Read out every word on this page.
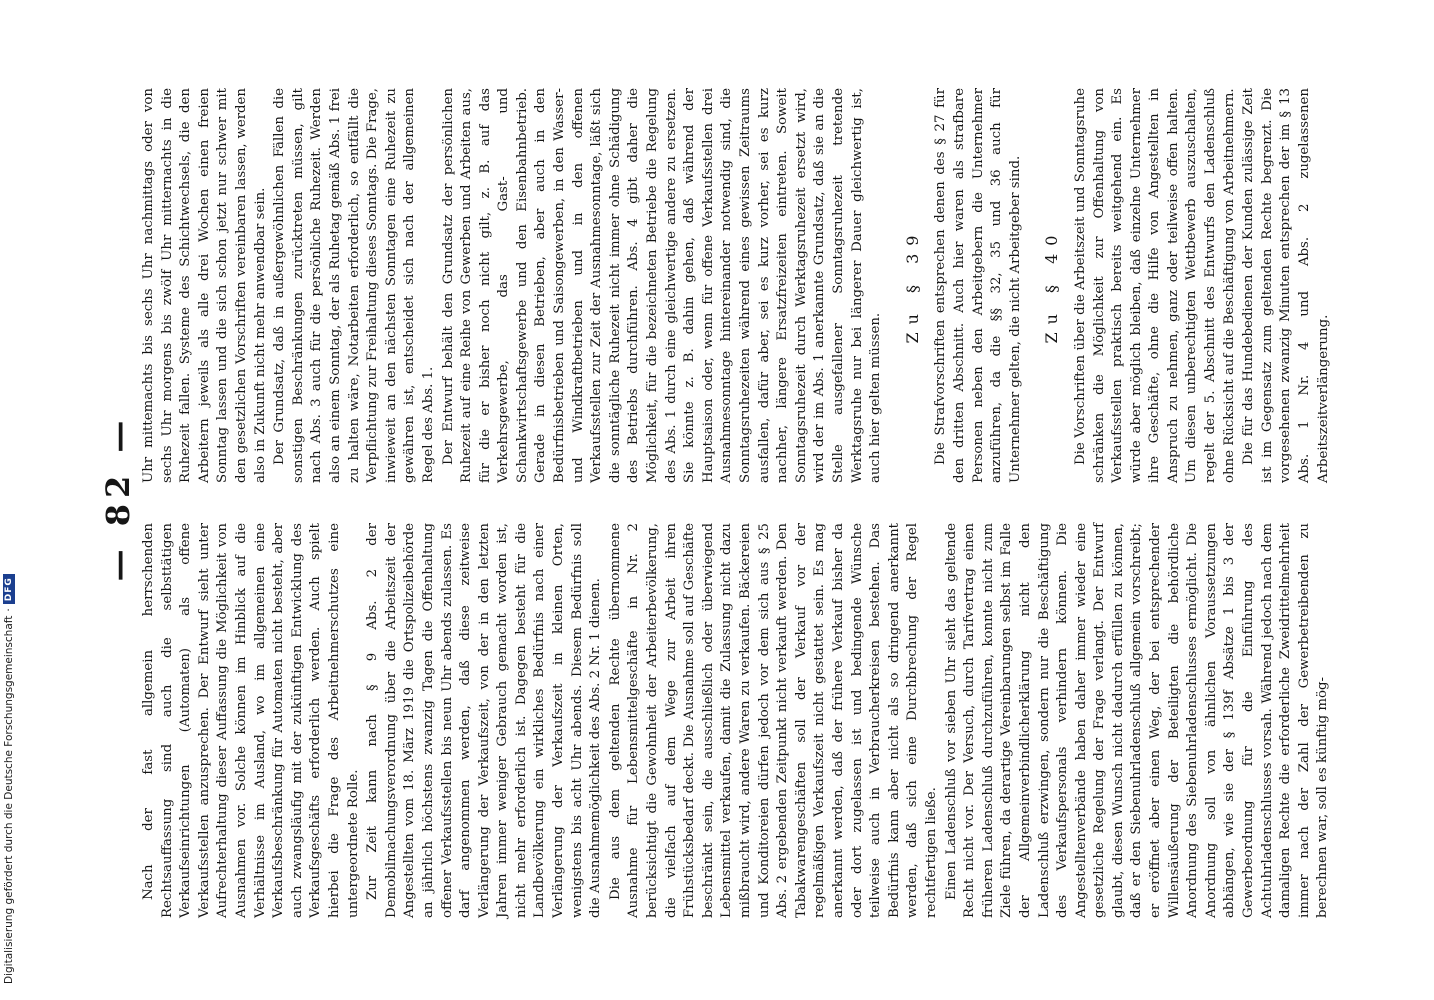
— 82 —

Nach der fast allgemein herrschenden Rechtsauffassung sind auch die selbsttätigen Verkaufseinrichtungen (Automaten) als offene Verkaufsstellen anzusprechen. Der Entwurf sieht unter Aufrechterhaltung dieser Auffassung die Möglichkeit von Ausnahmen vor. Solche können im Hinblick auf die Verhältnisse im Ausland, wo im allgemeinen eine Verkaufsbeschränkung für Automaten nicht besteht, aber auch zwangsläufig mit der zukünftigen Entwicklung des Verkaufsgeschäfts erforderlich werden. Auch spielt hierbei die Frage des Arbeitnehmerschutzes eine untergeordnete Rolle. Zur Zeit kann nach § 9 Abs. 2 der Demobilmachungsverordnung über die Arbeitszeit der Angestellten vom 18. März 1919 die Ortspolizeibehörde an jährlich höchstens zwanzig Tagen die Offenhaltung offener Verkaufsstellen bis neun Uhr abends zulassen. Es darf angenommen werden, daß diese zeitweise Verlängerung der Verkaufszeit, von der in den letzten Jahren immer weniger Gebrauch gemacht worden ist, nicht mehr erforderlich ist. Dagegen besteht für die Landbevölkerung ein wirkliches Bedürfnis nach einer Verlängerung der Verkaufszeit in kleinen Orten, wenigstens bis acht Uhr abends. Diesem Bedürfnis soll die Ausnahmemöglichkeit des Abs. 2 Nr. 1 dienen. Die aus dem geltenden Rechte übernommene Ausnahme für Lebensmittelgeschäfte in Nr. 2 berücksichtigt die Gewohnheit der Arbeiterbevölkerung, die vielfach auf dem Wege zur Arbeit ihren Frühstücksbedarf deckt. Die Ausnahme soll auf Geschäfte beschränkt sein, die ausschließlich oder überwiegend Lebensmittel verkaufen, damit die Zulassung nicht dazu mißbraucht wird, andere Waren zu verkaufen. Bäckereien und Konditoreien dürfen jedoch vor dem sich aus § 25 Abs. 2 ergebenden Zeitpunkt nicht verkauft werden. Den Tabakwarengeschäften soll der Verkauf vor der regelmäßigen Verkaufszeit nicht gestattet sein. Es mag anerkannt werden, daß der frühere Verkauf bisher da oder dort zugelassen ist und bedingende Wünsche teilweise auch in Verbraucherkreisen bestehen. Das Bedürfnis kann aber nicht als so dringend anerkannt werden, daß sich eine Durchbrechung der Regel rechtfertigen ließe. Einen Ladenschluß vor sieben Uhr sieht das geltende Recht nicht vor. Der Versuch, durch Tarifvertrag einen früheren Ladenschluß durchzuführen, konnte nicht zum Ziele führen, da derartige Vereinbarungen selbst im Falle der Allgemeinverbindlicherklärung nicht den Ladenschluß erzwingen, sondern nur die Beschäftigung des Verkaufspersonals verhindern können. Die Angestelltenverbände haben daher immer wieder eine gesetzliche Regelung der Frage verlangt. Der Entwurf glaubt, diesen Wunsch nicht dadurch erfüllen zu können, daß er den Siebenuhrladenschluß allgemein vorschreibt; er eröffnet aber einen Weg, der bei entsprechender Willensäußerung der Beteiligten die behördliche Anordnung des Siebenuhrladenschlusses ermöglicht. Die Anordnung soll von ähnlichen Voraussetzungen abhängen, wie sie der § 139f Absätze 1 bis 3 der Gewerbeordnung für die Einführung des Achtuhrladenschlusses vorsah. Während jedoch nach dem damaligen Rechte die erforderliche Zweidrittelmehrheit immer nach der Zahl der Gewerbetreibenden zu berechnen war, soll es künftig mög-

Uhr mittemachts bis sechs Uhr nachmittags oder von sechs Uhr morgens bis zwölf Uhr mitternachts in die Ruhezeit fallen. Systeme des Schichtwechsels, die den Arbeitern jeweils als alle drei Wochen einen freien Sonntag lassen und die sich schon jetzt nur schwer mit den gesetzlichen Vorschriften vereinbaren lassen, werden also in Zukunft nicht mehr anwendbar sein. Der Grundsatz, daß in außergewöhnlichen Fällen die sonstigen Beschränkungen zurücktreten müssen, gilt nach Abs. 3 auch für die persönliche Ruhezeit. Werden also an einem Sonntag, der als Ruhetag gemäß Abs. 1 frei zu halten wäre, Notarbeiten erforderlich, so entfällt die Verpflichtung zur Freihaltung dieses Sonntags. Die Frage, inwieweit an den nächsten Sonntagen eine Ruhezeit zu gewähren ist, entscheidet sich nach der allgemeinen Regel des Abs. 1. Der Entwurf behält den Grundsatz der persönlichen Ruhezeit auf eine Reihe von Gewerben und Arbeiten aus, für die er bisher noch nicht gilt, z. B. auf das Verkehrsgewerbe, das Gast- und Schankwirtschaftsgewerbe und den Eisenbahnbetrieb. Gerade in diesen Betrieben, aber auch in den Bedürfnisbetrieben und Saisongewerben, in den Wasser- und Windkraftbetrieben und in den offenen Verkaufsstellen zur Zeit der Ausnahmesonntage, läßt sich die sonntägliche Ruhezeit nicht immer ohne Schädigung des Betriebs durchführen. Abs. 4 gibt daher die Möglichkeit, für die bezeichneten Betriebe die Regelung des Abs. 1 durch eine gleichwertige andere zu ersetzen. Sie könnte z. B. dahin gehen, daß während der Hauptsaison oder, wenn für offene Verkaufsstellen drei Ausnahmesonntage hintereinander notwendig sind, die Sonntagsruhezeiten während eines gewissen Zeitraums ausfallen, dafür aber, sei es kurz vorher, sei es kurz nachher, längere Ersatzfreizeiten eintreten. Soweit Sonntagsruhezeit durch Werktagsruhezeit ersetzt wird, wird der im Abs. 1 anerkannte Grundsatz, daß sie an die Stelle ausgefallener Sonntagsruhezeit tretende Werktagsruhe nur bei längerer Dauer gleichwertig ist, auch hier gelten müssen.

Zu § 39 Die Strafvorschriften entsprechen denen des § 27 für den dritten Abschnitt. Auch hier waren als strafbare Personen neben den Arbeitgebern die Unternehmer anzuführen, da die §§ 32, 35 und 36 auch für Unternehmer gelten, die nicht Arbeitgeber sind. Zu § 40 Die Vorschriften über die Arbeitszeit und Sonntagsruhe schränken die Möglichkeit zur Offenhaltung von Verkaufsstellen praktisch bereits weitgehend ein. Es würde aber möglich bleiben, daß einzelne Unternehmer ihre Geschäfte, ohne die Hilfe von Angestellten in Anspruch zu nehmen, ganz oder teilweise offen halten. Um diesen unberechtigten Wettbewerb auszuschalten, regelt der 5. Abschnitt des Entwurfs den Ladenschluß ohne Rücksicht auf die Beschäftigung von Arbeitnehmern. Die für das Hundebedienen der Kunden zulässige Zeit ist im Gegensatz zum geltenden Rechte begrenzt. Die vorgesehenen zwanzig Minuten entsprechen der im § 13 Abs. 1 Nr. 4 und Abs. 2 zugelassenen Arbeitszeitverlängerung.

Digitalisierung gefördert durch die Deutsche Forschungsgemeinschaft
·
DFG
